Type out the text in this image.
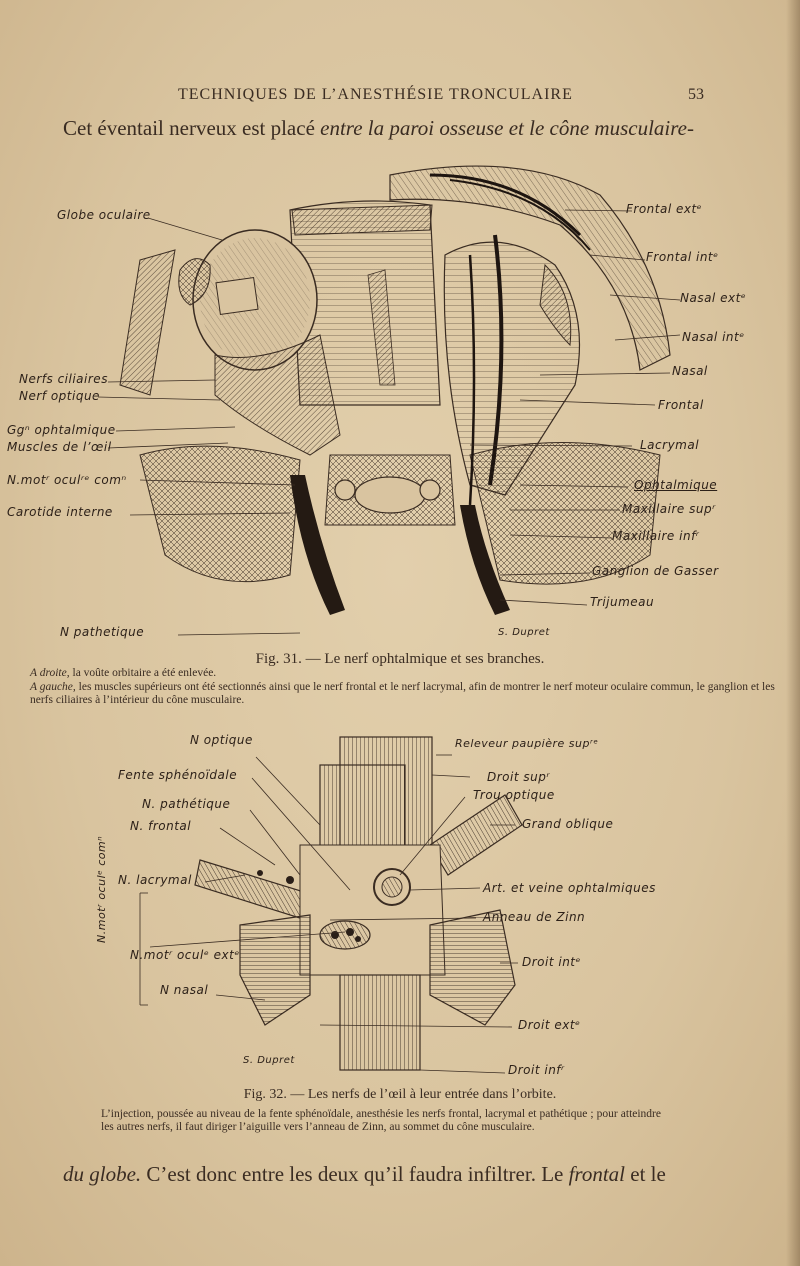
TECHNIQUES DE L’ANESTHÉSIE TRONCULAIRE	53
Cet éventail nerveux est placé entre la paroi osseuse et le cône musculaire-
Globe oculaire	Frontal extᵉ
Frontal intᵉ
Nasal extᵉ
Nasal intᵉ
Nasal
Frontal
Lacrymal
Ophtalmique
Maxillaire supʳ
Maxillaire infʳ
Ganglion de Gasser
Trijumeau
Nerfs ciliaires
Nerf optique
Ggⁿ ophtalmique
Muscles de l’œil
N.motʳ oculʳᵉ comⁿ
Carotide interne
N pathetique	S. Dupret
Fig. 31. — Le nerf ophtalmique et ses branches.
A droite, la voûte orbitaire a été enlevée.
A gauche, les muscles supérieurs ont été sectionnés ainsi que le nerf frontal et le nerf lacrymal, afin de montrer le nerf moteur oculaire commun, le ganglion et les nerfs ciliaires à l’intérieur du cône musculaire.
N optique
Fente sphénoïdale
N. pathétique
N. frontal
N. lacrymal
N.motʳ oculᵉ comⁿ
N.motʳ oculᵉ extᵉ
N nasal
Releveur paupière supʳᵉ
Droit supʳ
Trou optique
Grand oblique
Art. et veine ophtalmiques
Anneau de Zinn
Droit intᵉ
Droit extᵉ
Droit infʳ
S. Dupret
Fig. 32. — Les nerfs de l’œil à leur entrée dans l’orbite.
L’injection, poussée au niveau de la fente sphénoïdale, anesthésie les nerfs frontal, lacrymal et pathétique ; pour atteindre les autres nerfs, il faut diriger l’aiguille vers l’anneau de Zinn, au sommet du cône musculaire.
du globe. C’est donc entre les deux qu’il faudra infiltrer. Le frontal et le
